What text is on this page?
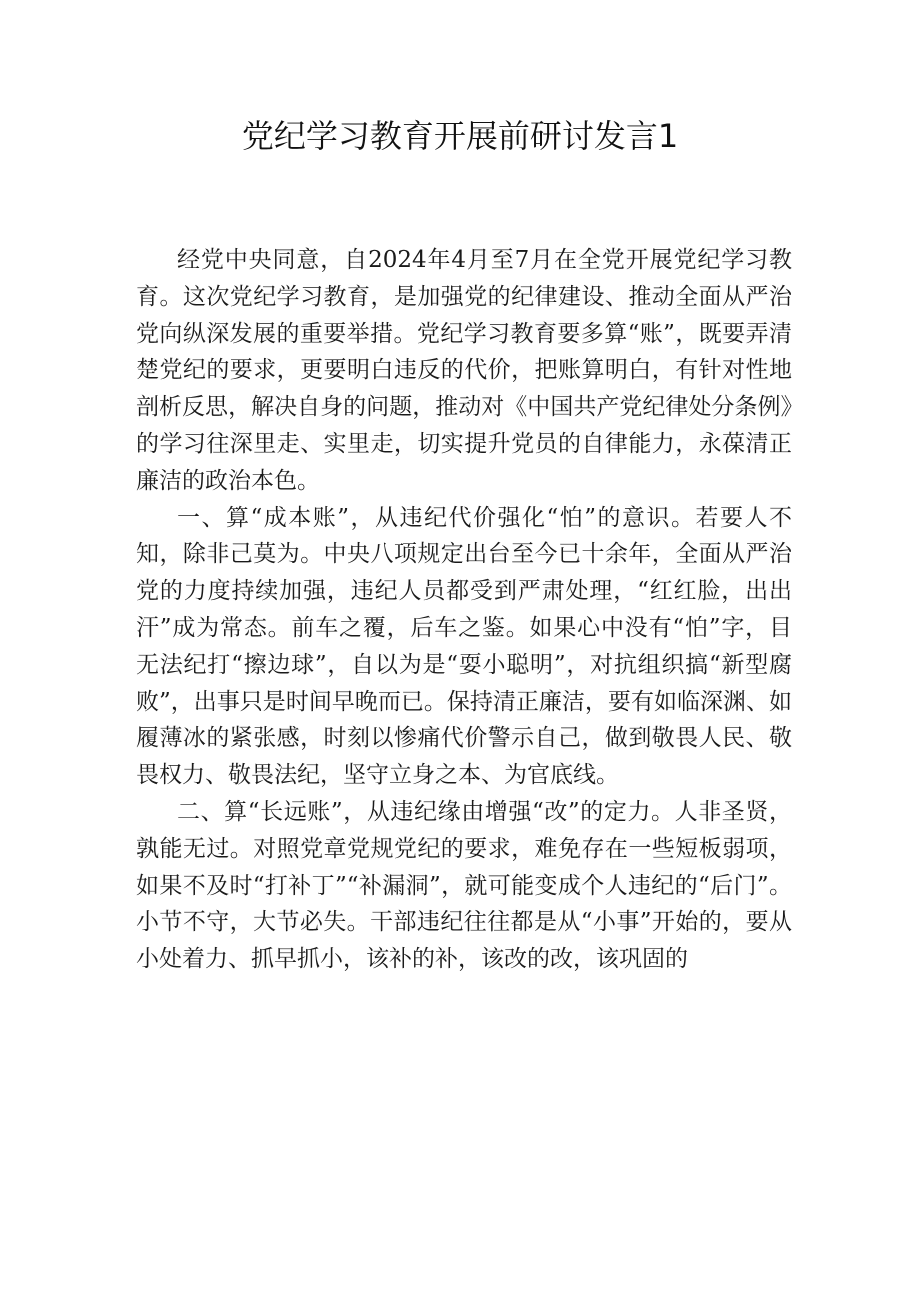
党纪学习教育开展前研讨发言1

经党中央同意，自2024年4月至7月在全党开展党纪学习教育。这次党纪学习教育，是加强党的纪律建设、推动全面从严治党向纵深发展的重要举措。党纪学习教育要多算“账”，既要弄清楚党纪的要求，更要明白违反的代价，把账算明白，有针对性地剖析反思，解决自身的问题，推动对《中国共产党纪律处分条例》的学习往深里走、实里走，切实提升党员的自律能力，永葆清正廉洁的政治本色。

一、算“成本账”，从违纪代价强化“怕”的意识。若要人不知，除非己莫为。中央八项规定出台至今已十余年，全面从严治党的力度持续加强，违纪人员都受到严肃处理，“红红脸，出出汗”成为常态。前车之覆，后车之鉴。如果心中没有“怕”字，目无法纪打“擦边球”，自以为是“耍小聪明”，对抗组织搞“新型腐败”，出事只是时间早晚而已。保持清正廉洁，要有如临深渊、如履薄冰的紧张感，时刻以惨痛代价警示自己，做到敬畏人民、敬畏权力、敬畏法纪，坚守立身之本、为官底线。

二、算“长远账”，从违纪缘由增强“改”的定力。人非圣贤，孰能无过。对照党章党规党纪的要求，难免存在一些短板弱项，如果不及时“打补丁”“补漏洞”，就可能变成个人违纪的“后门”。小节不守，大节必失。干部违纪往往都是从“小事”开始的，要从小处着力、抓早抓小，该补的补，该改的改，该巩固的
